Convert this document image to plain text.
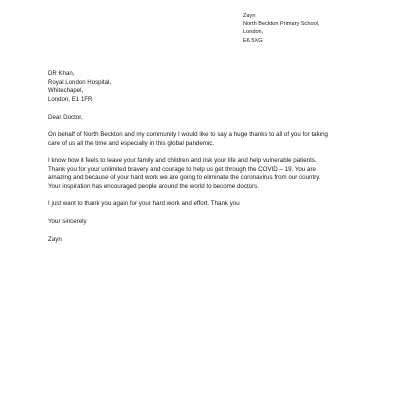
Zayn
North Beckton Primary School,
London,
E6 5XG
DR Khan,
Royal London Hospital,
Whitechapel,
London, E1 1FR
Dear Doctor,
On behalf of North Beckton and my community I would like to say a huge thanks to all of you for taking
care of us all the time and especially in this global pandemic.
I know how it feels to leave your family and children and risk your life and help vulnerable patients.
Thank you for your unlimited bravery and courage to help us get through the COVID – 19. You are
amazing and because of your hard work we are going to eliminate the coronavirus from our country.
Your inspiration has encouraged people around the world to become doctors.
I just want to thank you again for your hard work and effort. Thank you
Your sincerely
Zayn
